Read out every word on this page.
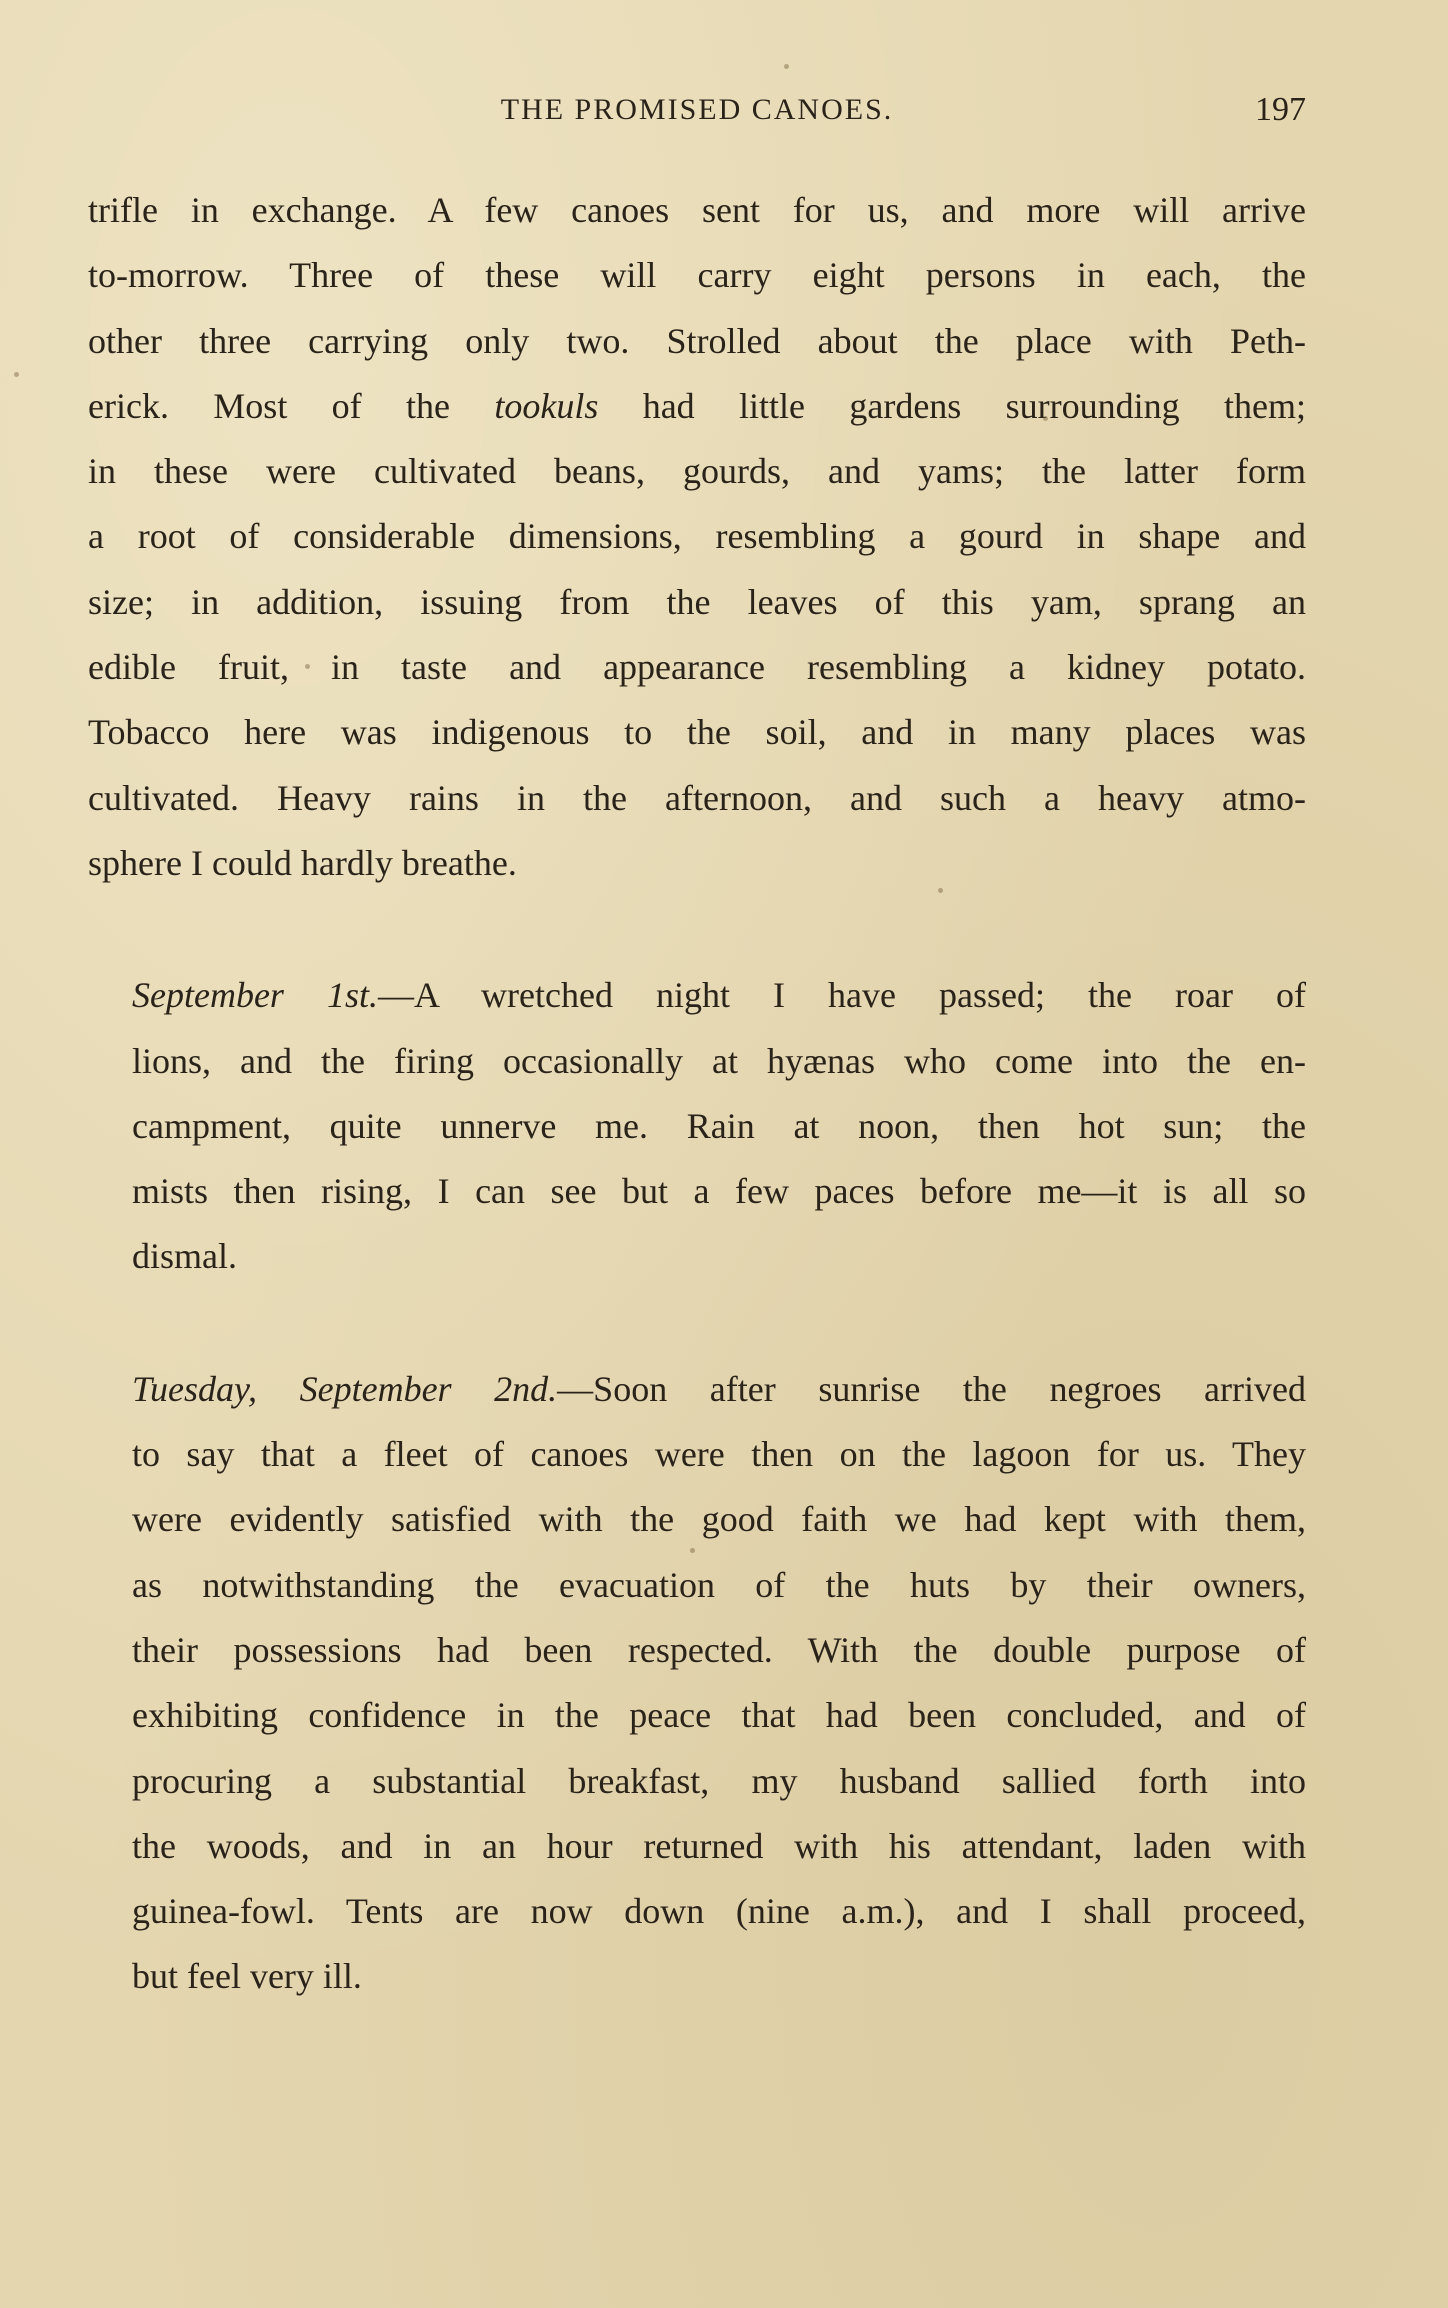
THE PROMISED CANOES.	197

trifle in exchange. A few canoes sent for us, and more will arrive
to-morrow. Three of these will carry eight persons in each, the
other three carrying only two. Strolled about the place with Peth-
erick. Most of the tookuls had little gardens surrounding them;
in these were cultivated beans, gourds, and yams; the latter form
a root of considerable dimensions, resembling a gourd in shape and
size; in addition, issuing from the leaves of this yam, sprang an
edible fruit, in taste and appearance resembling a kidney potato.
Tobacco here was indigenous to the soil, and in many places was
cultivated. Heavy rains in the afternoon, and such a heavy atmo-
sphere I could hardly breathe.

September 1st.—A wretched night I have passed; the roar of
lions, and the firing occasionally at hyænas who come into the en-
campment, quite unnerve me. Rain at noon, then hot sun; the
mists then rising, I can see but a few paces before me—it is all so
dismal.

Tuesday, September 2nd.—Soon after sunrise the negroes arrived
to say that a fleet of canoes were then on the lagoon for us. They
were evidently satisfied with the good faith we had kept with them,
as notwithstanding the evacuation of the huts by their owners,
their possessions had been respected. With the double purpose of
exhibiting confidence in the peace that had been concluded, and of
procuring a substantial breakfast, my husband sallied forth into
the woods, and in an hour returned with his attendant, laden with
guinea-fowl. Tents are now down (nine a.m.), and I shall proceed,
but feel very ill.
